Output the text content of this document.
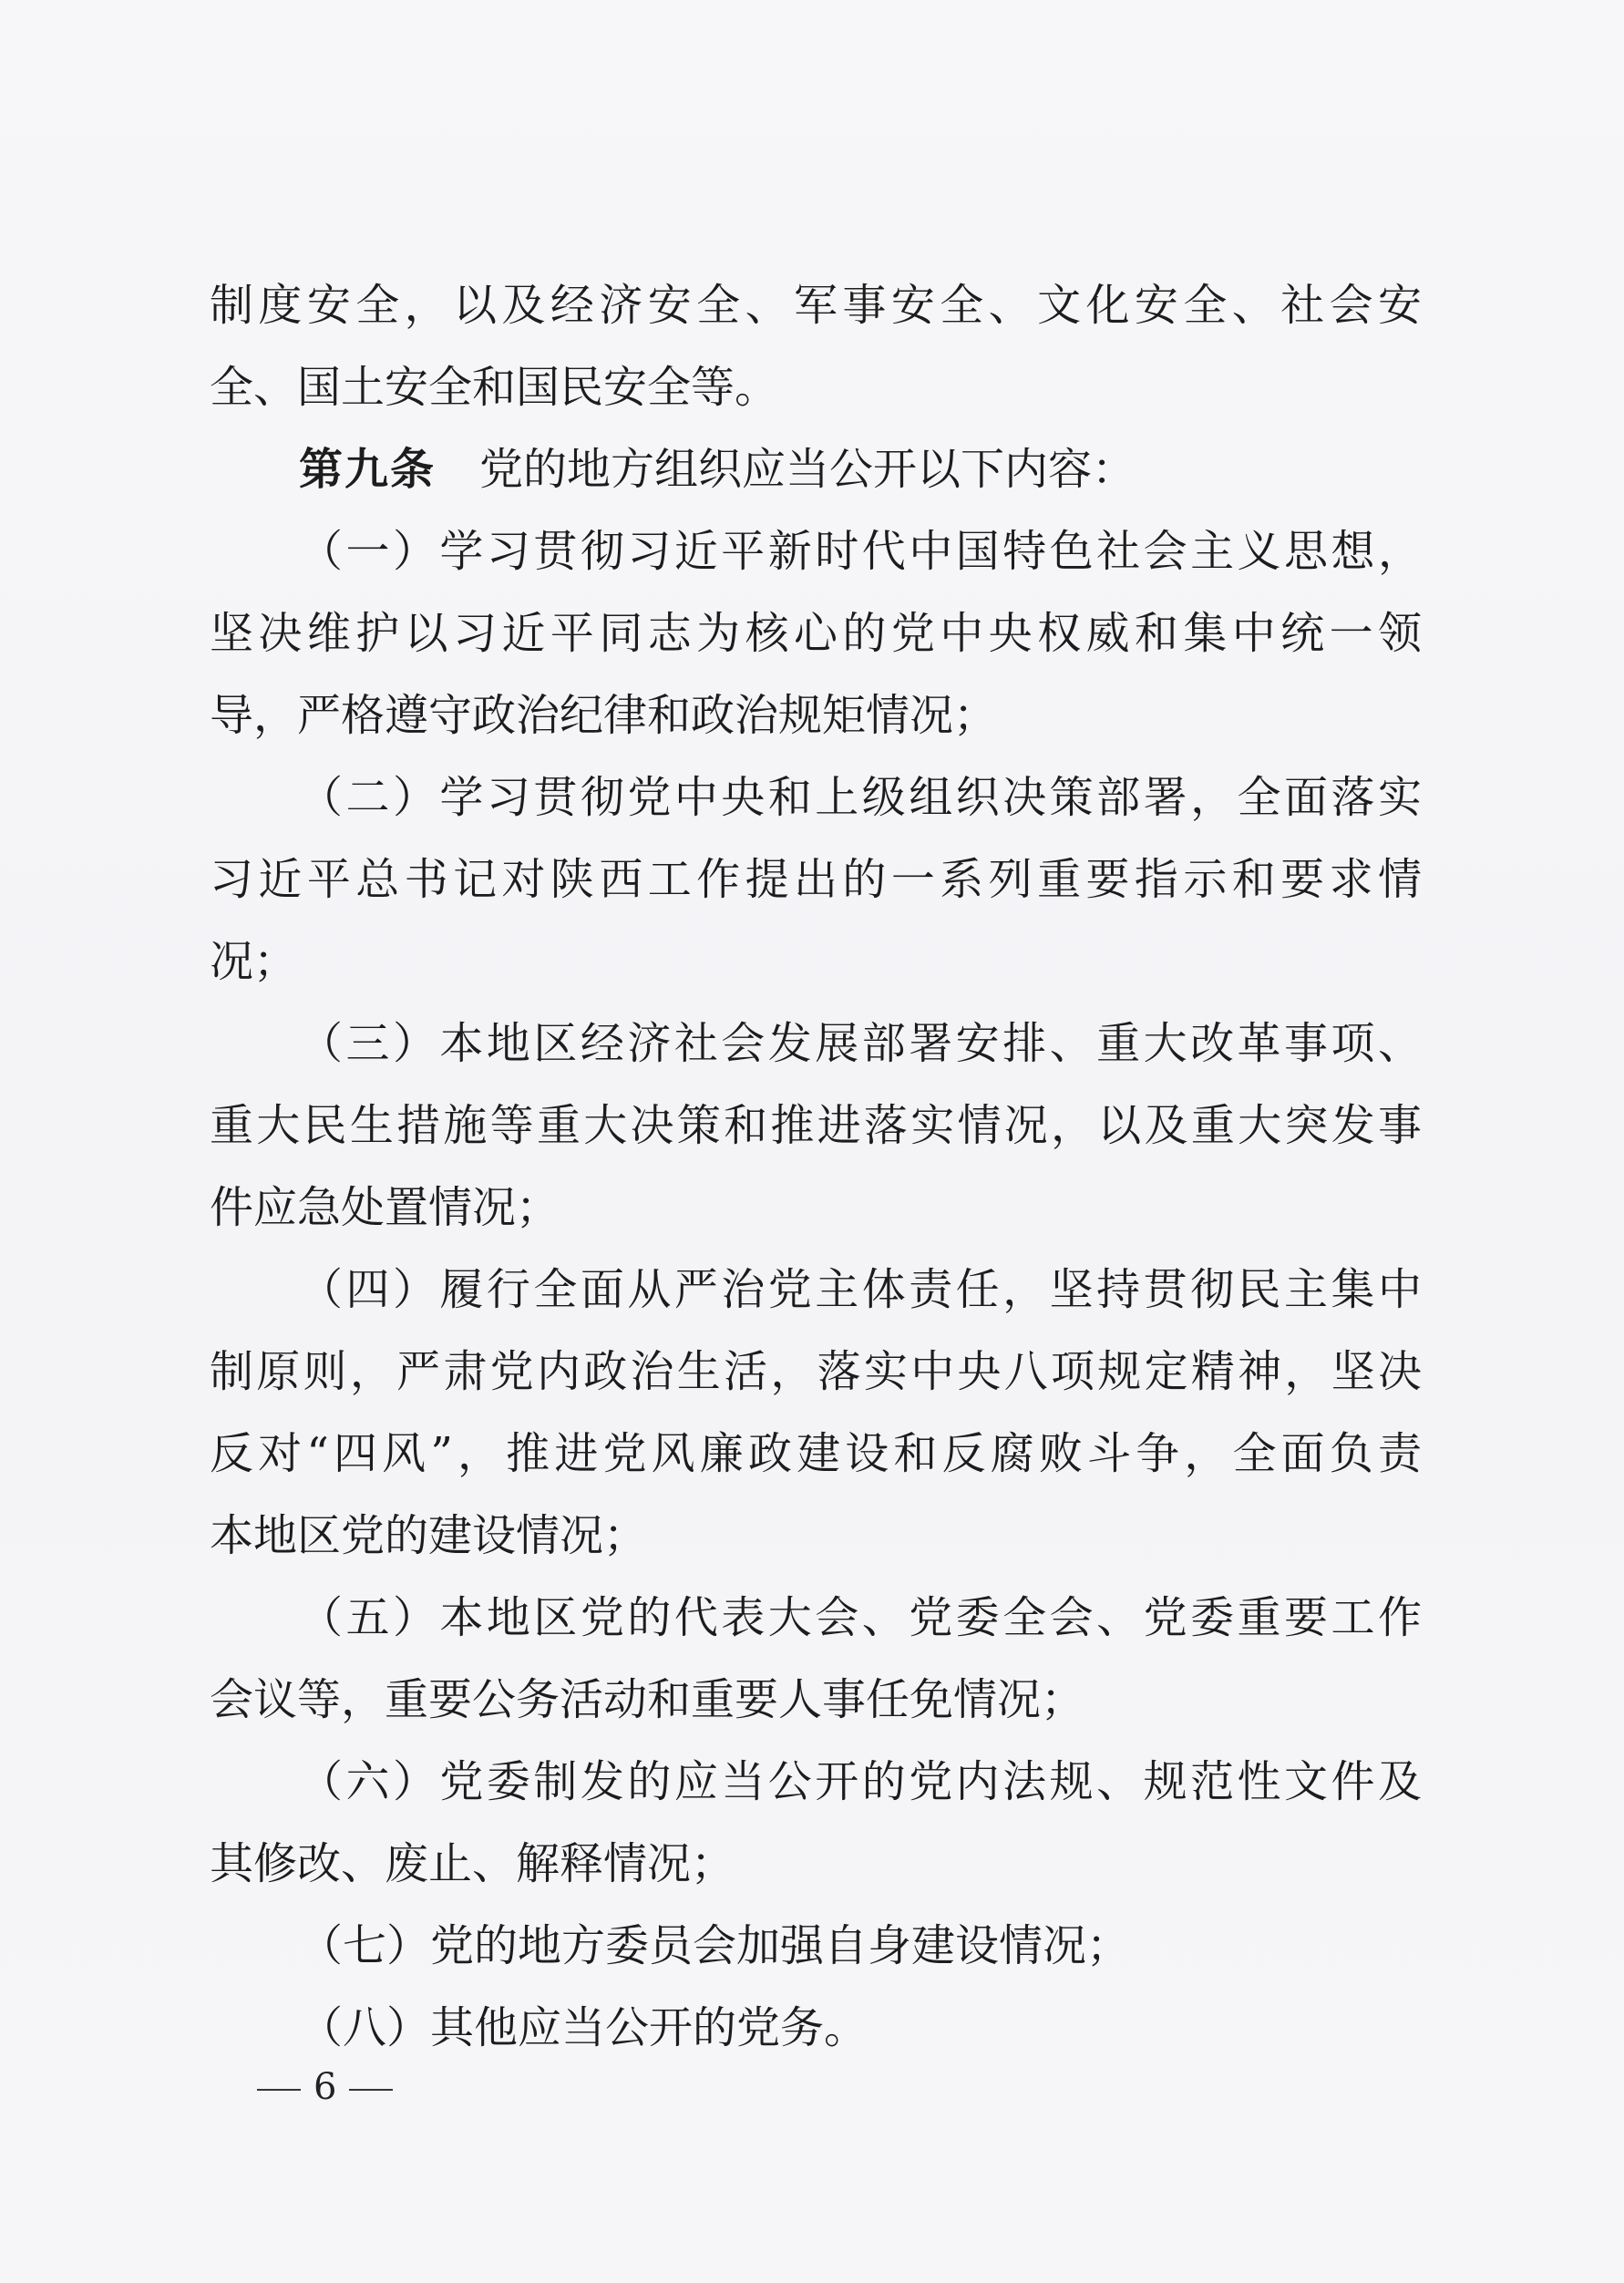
制度安全，以及经济安全、军事安全、文化安全、社会安
全、国土安全和国民安全等。
第九条 党的地方组织应当公开以下内容：
（一）学习贯彻习近平新时代中国特色社会主义思想，
坚决维护以习近平同志为核心的党中央权威和集中统一领
导，严格遵守政治纪律和政治规矩情况；
（二）学习贯彻党中央和上级组织决策部署，全面落实
习近平总书记对陕西工作提出的一系列重要指示和要求情
况；
（三）本地区经济社会发展部署安排、重大改革事项、
重大民生措施等重大决策和推进落实情况，以及重大突发事
件应急处置情况；
（四）履行全面从严治党主体责任，坚持贯彻民主集中
制原则，严肃党内政治生活，落实中央八项规定精神，坚决
反对“四风”，推进党风廉政建设和反腐败斗争，全面负责
本地区党的建设情况；
（五）本地区党的代表大会、党委全会、党委重要工作
会议等，重要公务活动和重要人事任免情况；
（六）党委制发的应当公开的党内法规、规范性文件及
其修改、废止、解释情况；
（七）党的地方委员会加强自身建设情况；
（八）其他应当公开的党务。
6
